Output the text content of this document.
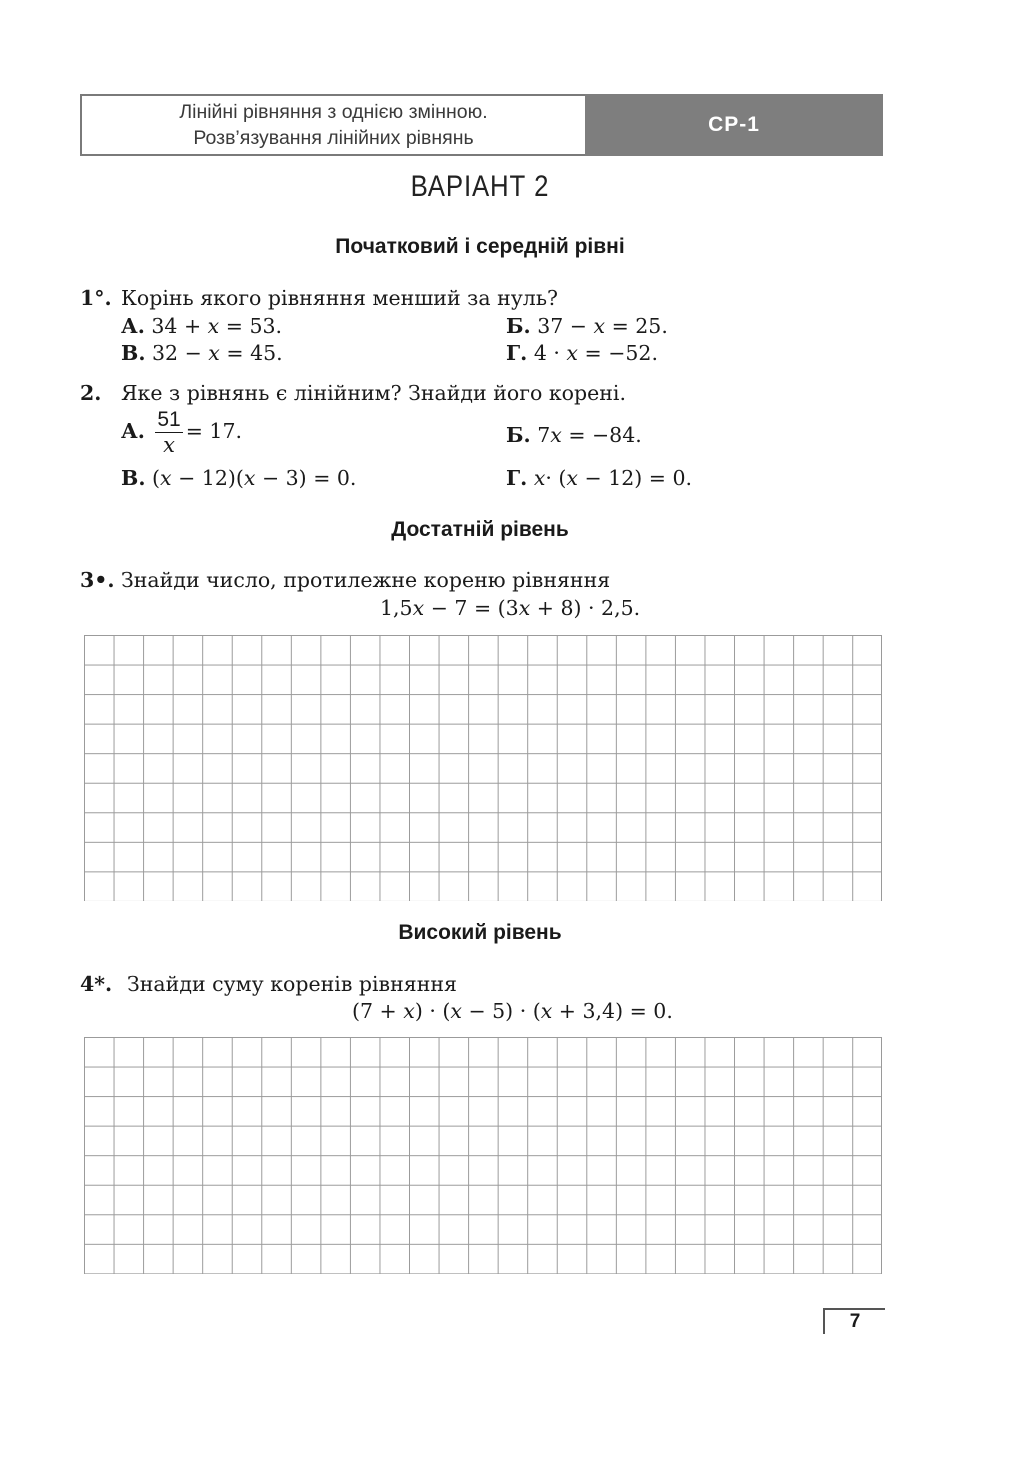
Лінійні рівняння з однією змінною.
Розв’язування лінійних рівнянь
СР-1
ВАРІАНТ 2
Початковий і середній рівні
1°. Корінь якого рівняння менший за нуль?
А. 34 + x = 53.	Б. 37 − x = 25.
В. 32 − x = 45.	Г. 4 · x = −52.
2. Яке з рівнянь є лінійним? Знайди його корені.
А. $\frac{51}{x} = 17$.	Б. 7x = −84.
В. (x − 12)(x − 3) = 0.	Г. x· (x − 12) = 0.
Достатній рівень
3•. Знайди число, протилежне кореню рівняння
1,5x − 7 = (3x + 8) · 2,5.
Високий рівень
4*. Знайди суму коренів рівняння
(7 + x) · (x − 5) · (x + 3,4) = 0.
7
